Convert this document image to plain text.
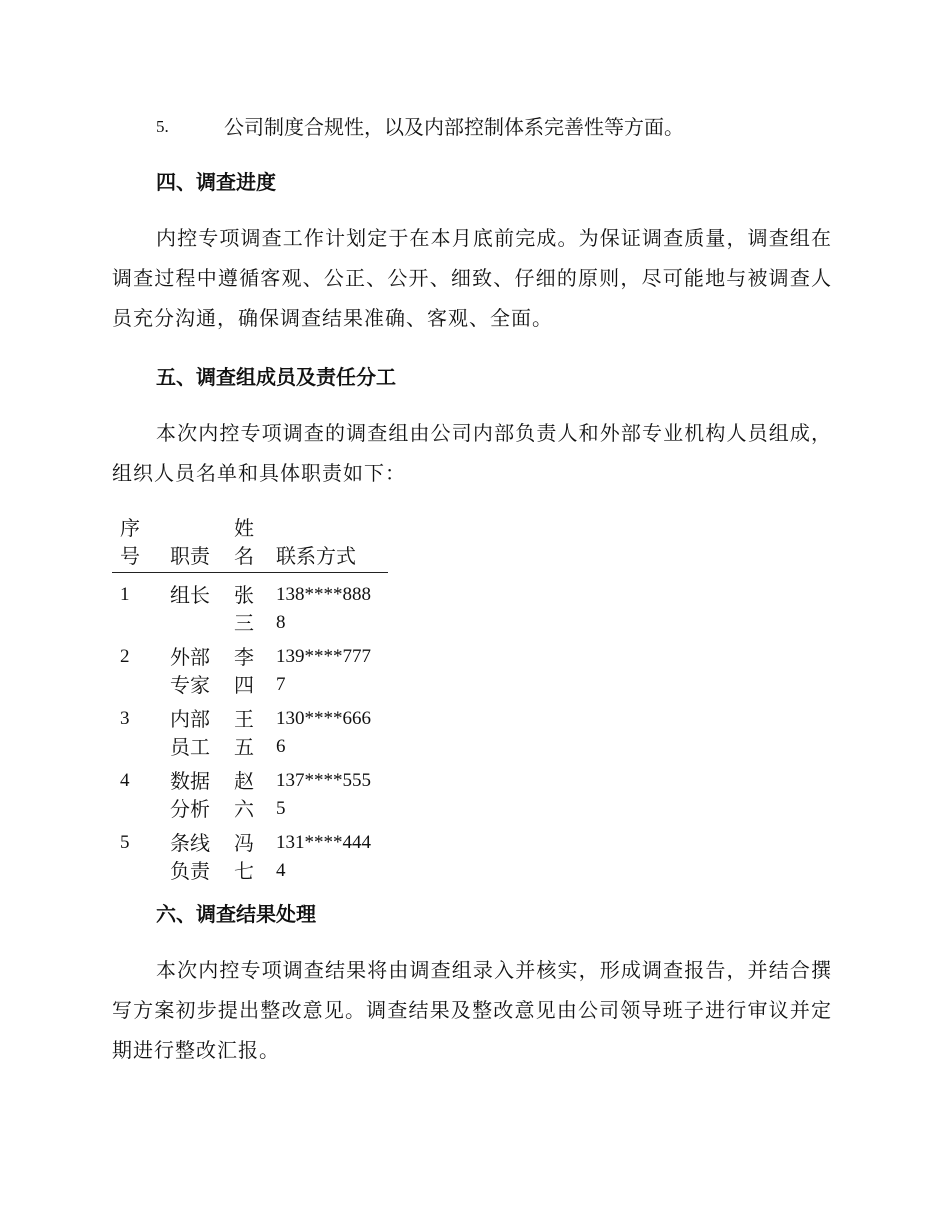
5.	公司制度合规性，以及内部控制体系完善性等方面。
四、调查进度
内控专项调查工作计划定于在本月底前完成。为保证调查质量，调查组在调查过程中遵循客观、公正、公开、细致、仔细的原则，尽可能地与被调查人员充分沟通，确保调查结果准确、客观、全面。
五、调查组成员及责任分工
本次内控专项调查的调查组由公司内部负责人和外部专业机构人员组成，组织人员名单和具体职责如下：
序号	职责	姓名	联系方式

1	组长	张三	138****8888

2	外部专家	李四	139****7777

3	内部员工	王五	130****6666

4	数据分析	赵六	137****5555

5	条线负责	冯七	131****4444
六、调查结果处理
本次内控专项调查结果将由调查组录入并核实，形成调查报告，并结合撰写方案初步提出整改意见。调查结果及整改意见由公司领导班子进行审议并定期进行整改汇报。
